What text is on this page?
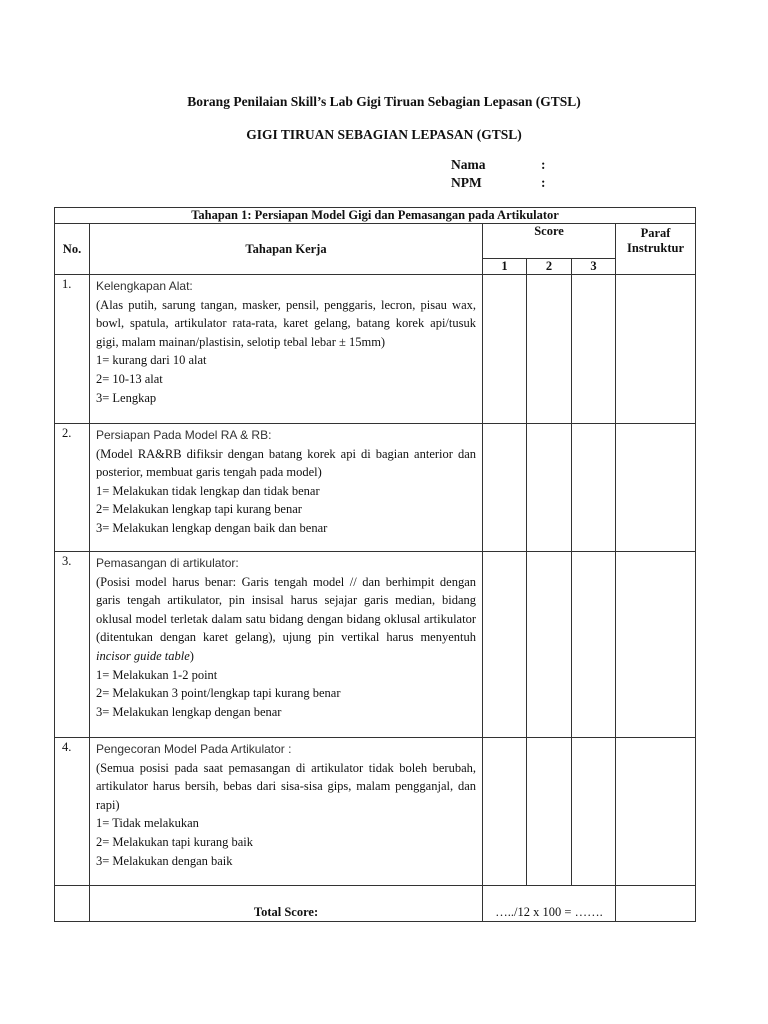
Borang Penilaian Skill’s Lab Gigi Tiruan Sebagian Lepasan (GTSL)
GIGI TIRUAN SEBAGIAN LEPASAN (GTSL)
Nama	:
NPM	:
Tahapan 1: Persiapan Model Gigi dan Pemasangan pada Artikulator					
No.	Tahapan Kerja	Score			Paraf Instruktur
		1	2	3	
1.	Kelengkapan Alat:
(Alas putih, sarung tangan, masker, pensil, penggaris, lecron, pisau wax, bowl, spatula, artikulator rata-rata, karet gelang, batang korek api/tusuk gigi, malam mainan/plastisin, selotip tebal lebar ± 15mm)
1= kurang dari 10 alat
2= 10-13 alat
3= Lengkap				

2.	Persiapan Pada Model RA & RB:
(Model RA&RB difiksir dengan batang korek api di bagian anterior dan posterior, membuat garis tengah pada model)
1= Melakukan tidak lengkap dan tidak benar
2= Melakukan lengkap tapi kurang benar
3= Melakukan lengkap dengan baik dan benar				

3.	Pemasangan di artikulator:
(Posisi model harus benar: Garis tengah model // dan berhimpit dengan garis tengah artikulator, pin insisal harus sejajar garis median, bidang oklusal model terletak dalam satu bidang dengan bidang oklusal artikulator (ditentukan dengan karet gelang), ujung pin vertikal harus menyentuh incisor guide table)
1= Melakukan 1-2 point
2= Melakukan 3 point/lengkap tapi kurang benar
3= Melakukan lengkap dengan benar				

4.	Pengecoran Model Pada Artikulator :
(Semua posisi pada saat pemasangan di artikulator tidak boleh berubah, artikulator harus bersih, bebas dari sisa-sisa gips, malam pengganjal, dan rapi)
1= Tidak melakukan
2= Melakukan tapi kurang baik
3= Melakukan dengan baik				

	Total Score:	…../12 x 100 = …….			
